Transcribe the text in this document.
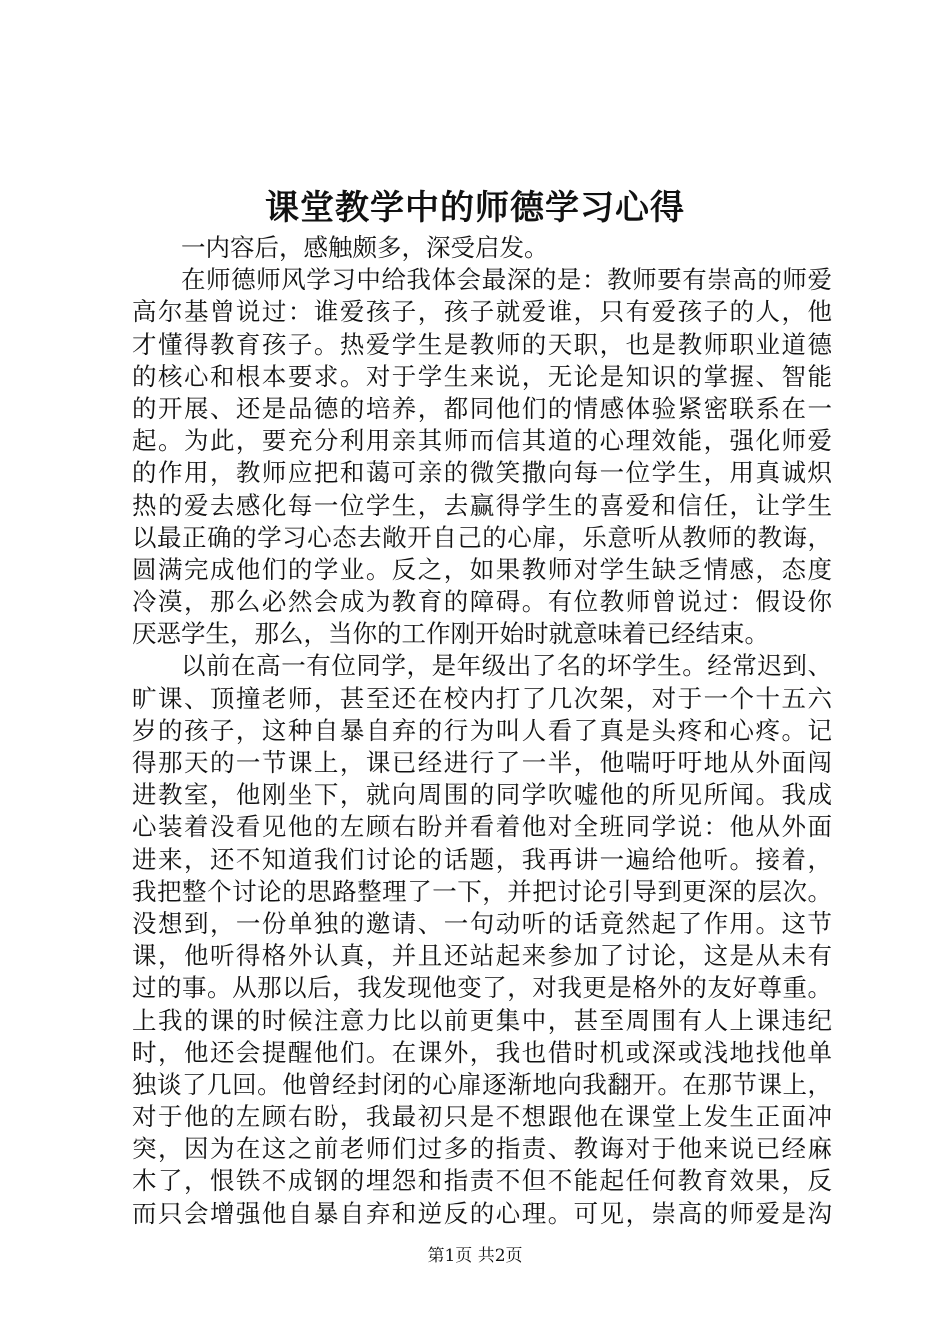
课堂教学中的师德学习心得
一内容后，感触颇多，深受启发。
在师德师风学习中给我体会最深的是：教师要有崇高的师爱
高尔基曾说过：谁爱孩子，孩子就爱谁，只有爱孩子的人，他
才懂得教育孩子。热爱学生是教师的天职，也是教师职业道德
的核心和根本要求。对于学生来说，无论是知识的掌握、智能
的开展、还是品德的培养，都同他们的情感体验紧密联系在一
起。为此，要充分利用亲其师而信其道的心理效能，强化师爱
的作用，教师应把和蔼可亲的微笑撒向每一位学生，用真诚炽
热的爱去感化每一位学生，去赢得学生的喜爱和信任，让学生
以最正确的学习心态去敞开自己的心扉，乐意听从教师的教诲，
圆满完成他们的学业。反之，如果教师对学生缺乏情感，态度
冷漠，那么必然会成为教育的障碍。有位教师曾说过：假设你
厌恶学生，那么，当你的工作刚开始时就意味着已经结束。
以前在高一有位同学，是年级出了名的坏学生。经常迟到、
旷课、顶撞老师，甚至还在校内打了几次架，对于一个十五六
岁的孩子，这种自暴自弃的行为叫人看了真是头疼和心疼。记
得那天的一节课上，课已经进行了一半，他喘吁吁地从外面闯
进教室，他刚坐下，就向周围的同学吹嘘他的所见所闻。我成
心装着没看见他的左顾右盼并看着他对全班同学说：他从外面
进来，还不知道我们讨论的话题，我再讲一遍给他听。接着，
我把整个讨论的思路整理了一下，并把讨论引导到更深的层次。
没想到，一份单独的邀请、一句动听的话竟然起了作用。这节
课，他听得格外认真，并且还站起来参加了讨论，这是从未有
过的事。从那以后，我发现他变了，对我更是格外的友好尊重。
上我的课的时候注意力比以前更集中，甚至周围有人上课违纪
时，他还会提醒他们。在课外，我也借时机或深或浅地找他单
独谈了几回。他曾经封闭的心扉逐渐地向我翻开。在那节课上，
对于他的左顾右盼，我最初只是不想跟他在课堂上发生正面冲
突，因为在这之前老师们过多的指责、教诲对于他来说已经麻
木了，恨铁不成钢的埋怨和指责不但不能起任何教育效果，反
而只会增强他自暴自弃和逆反的心理。可见，崇高的师爱是沟
第1页 共2页
